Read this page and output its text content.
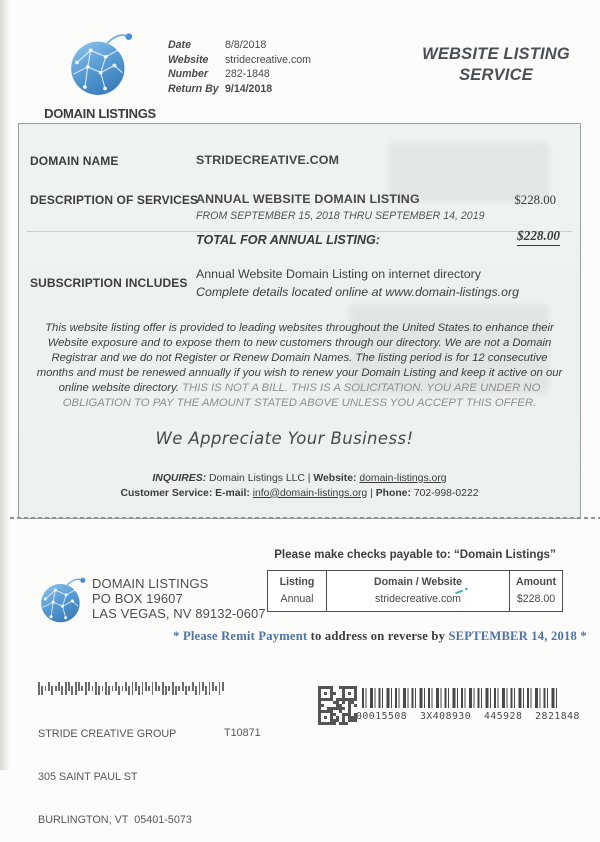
DOMAIN LISTINGS
Date	8/8/2018
Website	stridecreative.com
Number	282-1848
Return By 9/14/2018
WEBSITE LISTING
SERVICE
DOMAIN NAME	STRIDECREATIVE.COM
DESCRIPTION OF SERVICES
ANNUAL WEBSITE DOMAIN LISTING	$228.00
FROM SEPTEMBER 15, 2018 THRU SEPTEMBER 14, 2019
TOTAL FOR ANNUAL LISTING:	$228.00
SUBSCRIPTION INCLUDES
Annual Website Domain Listing on internet directory
Complete details located online at www.domain-listings.org
This website listing offer is provided to leading websites throughout the United States to enhance their Website exposure and to expose them to new customers through our directory. We are not a Domain Registrar and we do not Register or Renew Domain Names. The listing period is for 12 consecutive months and must be renewed annually if you wish to renew your Domain Listing and keep it active on our online website directory. THIS IS NOT A BILL. THIS IS A SOLICITATION. YOU ARE UNDER NO OBLIGATION TO PAY THE AMOUNT STATED ABOVE UNLESS YOU ACCEPT THIS OFFER.
We Appreciate Your Business!
INQUIRES: Domain Listings LLC | Website: domain-listings.org
Customer Service: E-mail: info@domain-listings.org | Phone: 702-998-0222
Please make checks payable to: “Domain Listings”
Listing	Domain / Website	Amount
Annual	stridecreative.com	$228.00
DOMAIN LISTINGS
PO BOX 19607
LAS VEGAS, NV 89132-0607
* Please Remit Payment to address on reverse by SEPTEMBER 14, 2018 *

STRIDE CREATIVE GROUP

305 SAINT PAUL ST

BURLINGTON, VT  05401-5073

T10871
00015508  3X408930  445928  2821848
